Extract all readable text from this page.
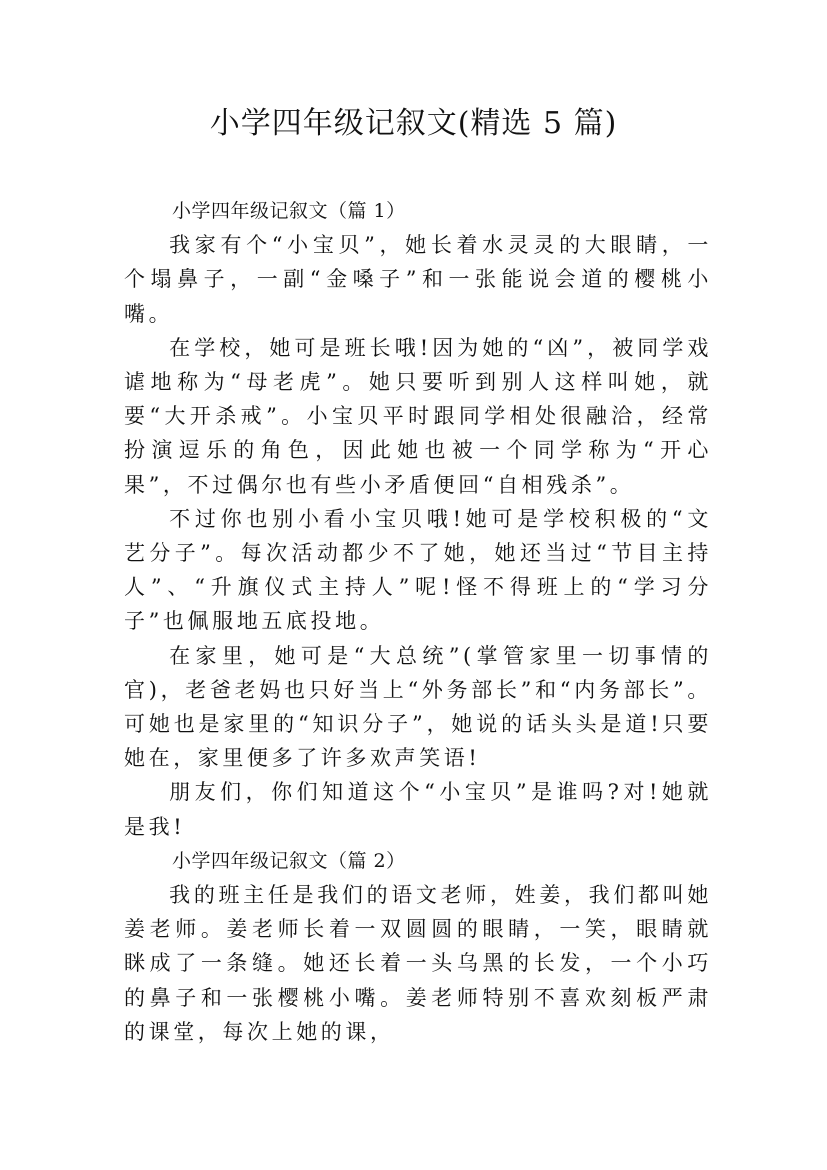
小学四年级记叙文(精选 5 篇)

小学四年级记叙文（篇 1）

我家有个“小宝贝”，她长着水灵灵的大眼睛，一个塌鼻子，一副“金嗓子”和一张能说会道的樱桃小嘴。

在学校，她可是班长哦!因为她的“凶”，被同学戏谑地称为“母老虎”。她只要听到别人这样叫她，就要“大开杀戒”。小宝贝平时跟同学相处很融洽，经常扮演逗乐的角色，因此她也被一个同学称为“开心果”，不过偶尔也有些小矛盾便回“自相残杀”。

不过你也别小看小宝贝哦!她可是学校积极的“文艺分子”。每次活动都少不了她，她还当过“节目主持人”、“升旗仪式主持人”呢!怪不得班上的“学习分子”也佩服地五底投地。

在家里，她可是“大总统”(掌管家里一切事情的官)，老爸老妈也只好当上“外务部长”和“内务部长”。可她也是家里的“知识分子”，她说的话头头是道!只要她在，家里便多了许多欢声笑语!

朋友们，你们知道这个“小宝贝”是谁吗?对!她就是我!

小学四年级记叙文（篇 2）

我的班主任是我们的语文老师，姓姜，我们都叫她姜老师。姜老师长着一双圆圆的眼睛，一笑，眼睛就眯成了一条缝。她还长着一头乌黑的长发，一个小巧的鼻子和一张樱桃小嘴。姜老师特别不喜欢刻板严肃的课堂，每次上她的课，
